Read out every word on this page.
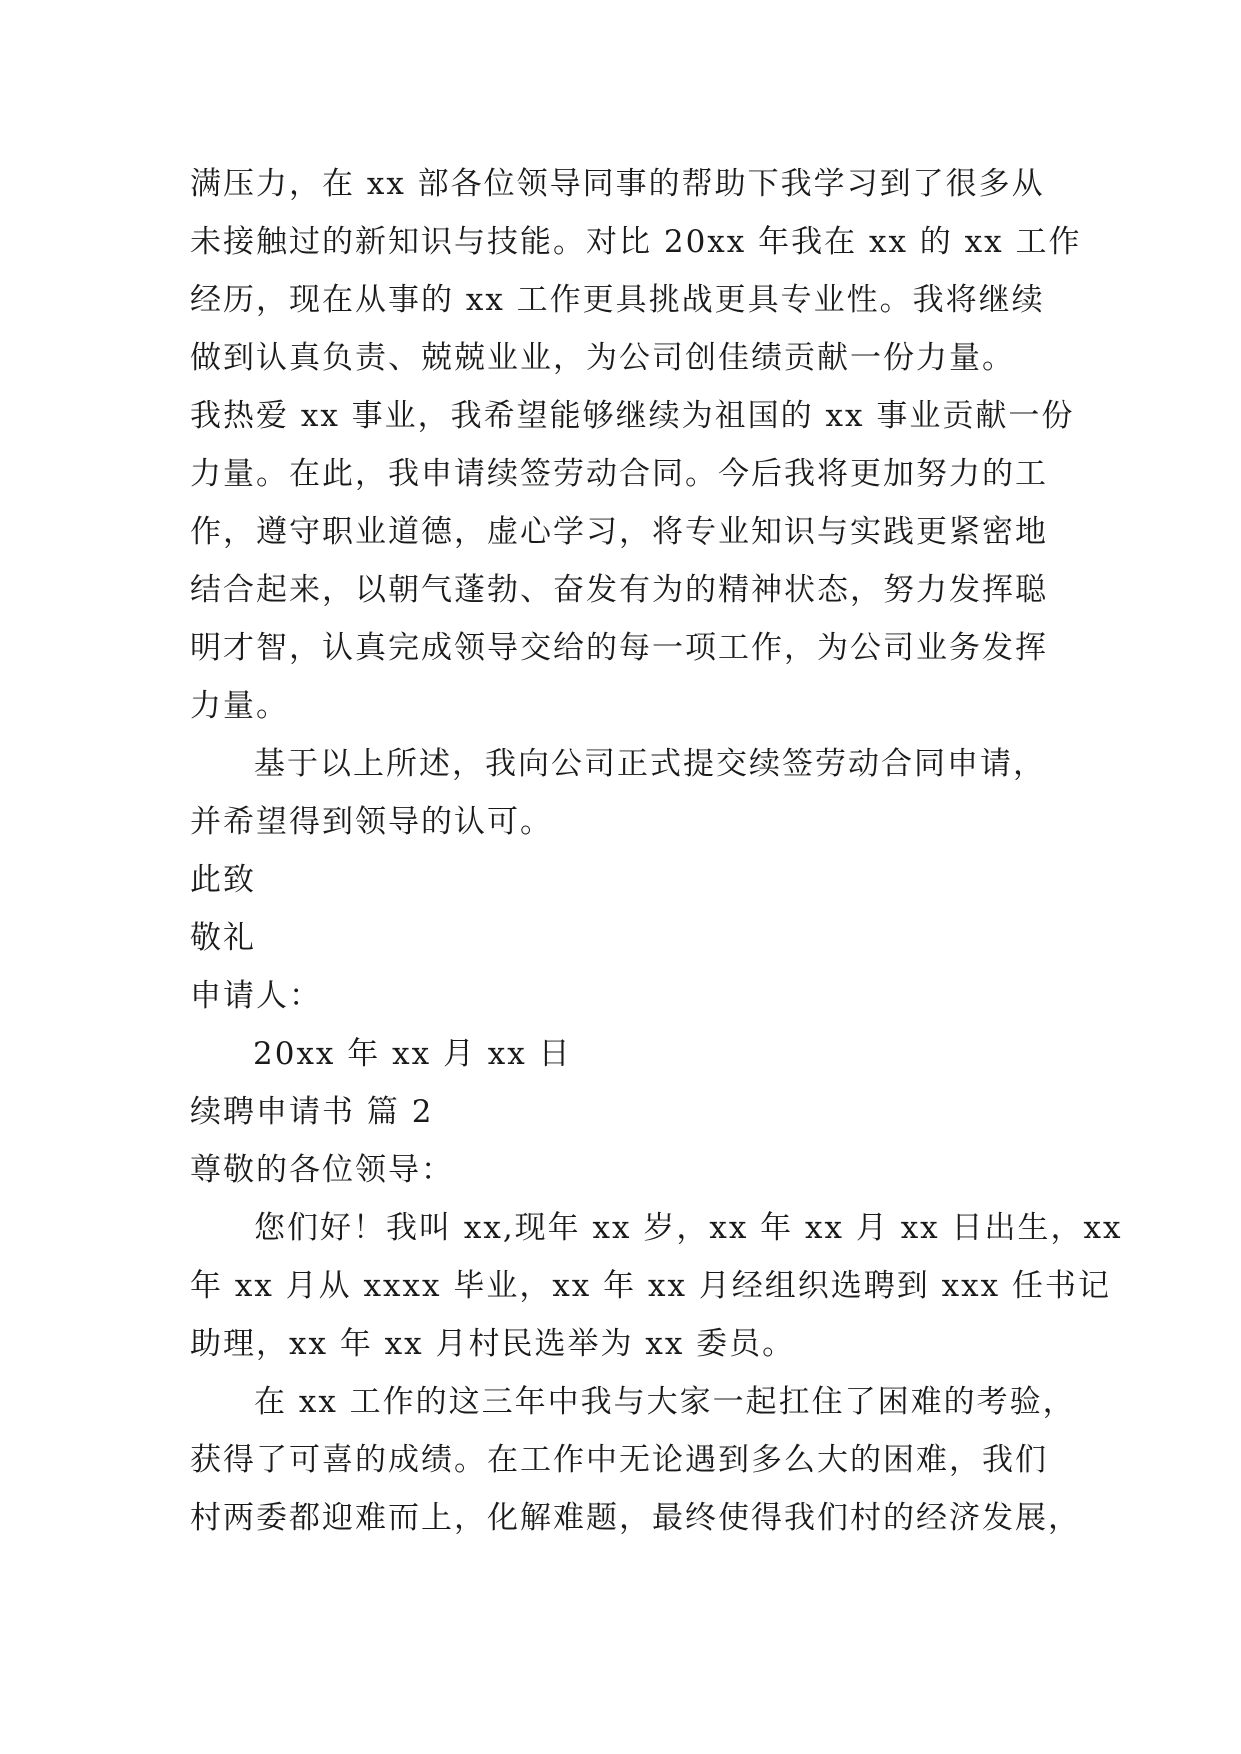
满压力，在 xx 部各位领导同事的帮助下我学习到了很多从
未接触过的新知识与技能。对比 20xx 年我在 xx 的 xx 工作
经历，现在从事的 xx 工作更具挑战更具专业性。我将继续
做到认真负责、兢兢业业，为公司创佳绩贡献一份力量。
我热爱 xx 事业，我希望能够继续为祖国的 xx 事业贡献一份
力量。在此，我申请续签劳动合同。今后我将更加努力的工
作，遵守职业道德，虚心学习，将专业知识与实践更紧密地
结合起来，以朝气蓬勃、奋发有为的精神状态，努力发挥聪
明才智，认真完成领导交给的每一项工作，为公司业务发挥
力量。
基于以上所述，我向公司正式提交续签劳动合同申请，
并希望得到领导的认可。
此致
敬礼
申请人：
20xx 年 xx 月 xx 日
续聘申请书 篇 2
尊敬的各位领导：
您们好！我叫 xx,现年 xx 岁，xx 年 xx 月 xx 日出生，xx
年 xx 月从 xxxx 毕业，xx 年 xx 月经组织选聘到 xxx 任书记
助理，xx 年 xx 月村民选举为 xx 委员。
在 xx 工作的这三年中我与大家一起扛住了困难的考验，
获得了可喜的成绩。在工作中无论遇到多么大的困难，我们
村两委都迎难而上，化解难题，最终使得我们村的经济发展，
